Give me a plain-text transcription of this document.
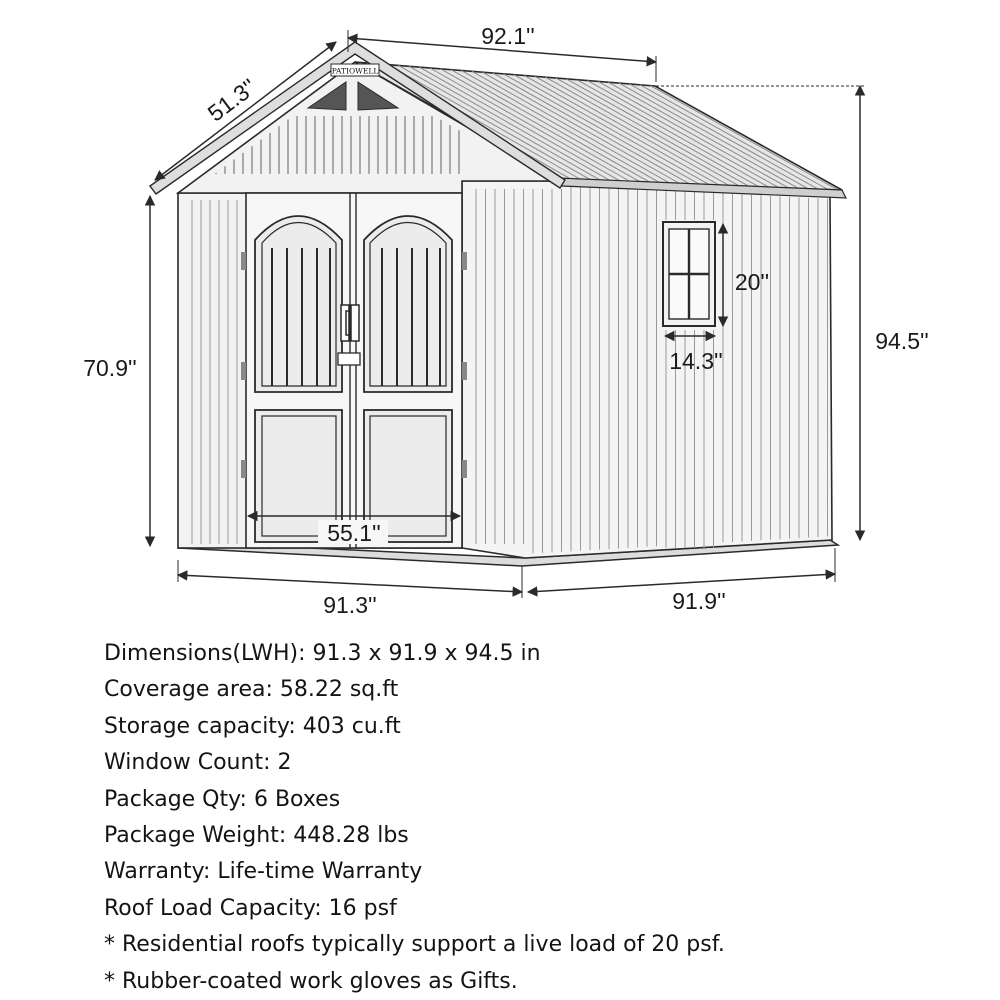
PATIOWELL
92.1''
51.3''
94.5''
70.9''
20''
14.3''
55.1''
91.3''	91.9''
Dimensions(LWH): 91.3 x 91.9 x 94.5 in
Coverage area: 58.22 sq.ft
Storage capacity: 403 cu.ft
Window Count: 2
Package Qty: 6 Boxes
Package Weight: 448.28 lbs
Warranty: Life-time Warranty
Roof Load Capacity: 16 psf
* Residential roofs typically support a live load of 20 psf.
* Rubber-coated work gloves as Gifts.
